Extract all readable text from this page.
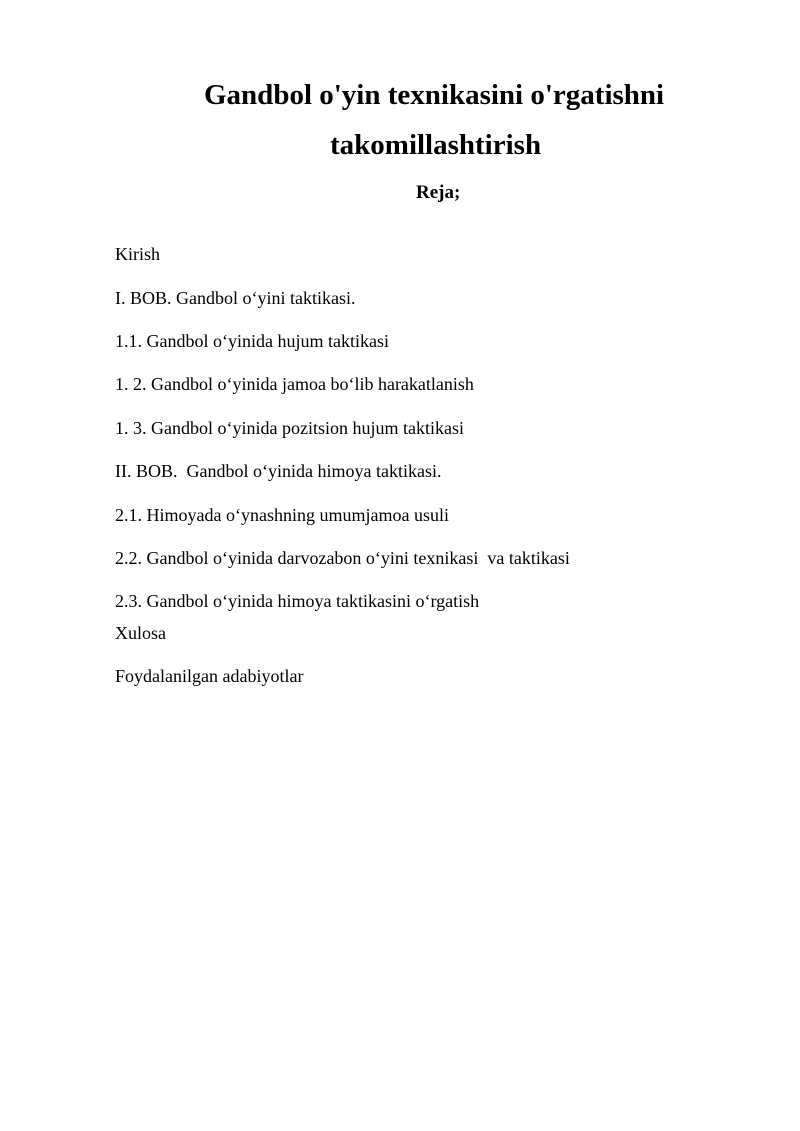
Gandbol o'yin texnikasini o'rgatishni
takomillashtirish
Reja;
Kirish
I. BOB. Gandbol o‘yini taktikasi.
1.1. Gandbol o‘yinida hujum taktikasi
1. 2. Gandbol o‘yinida jamoa bo‘lib harakatlanish
1. 3. Gandbol o‘yinida pozitsion hujum taktikasi
II. BOB.  Gandbol o‘yinida himoya taktikasi.
2.1. Himoyada o‘ynashning umumjamoa usuli
2.2. Gandbol o‘yinida darvozabon o‘yini texnikasi  va taktikasi
2.3. Gandbol o‘yinida himoya taktikasini o‘rgatish
Xulosa
Foydalanilgan adabiyotlar
